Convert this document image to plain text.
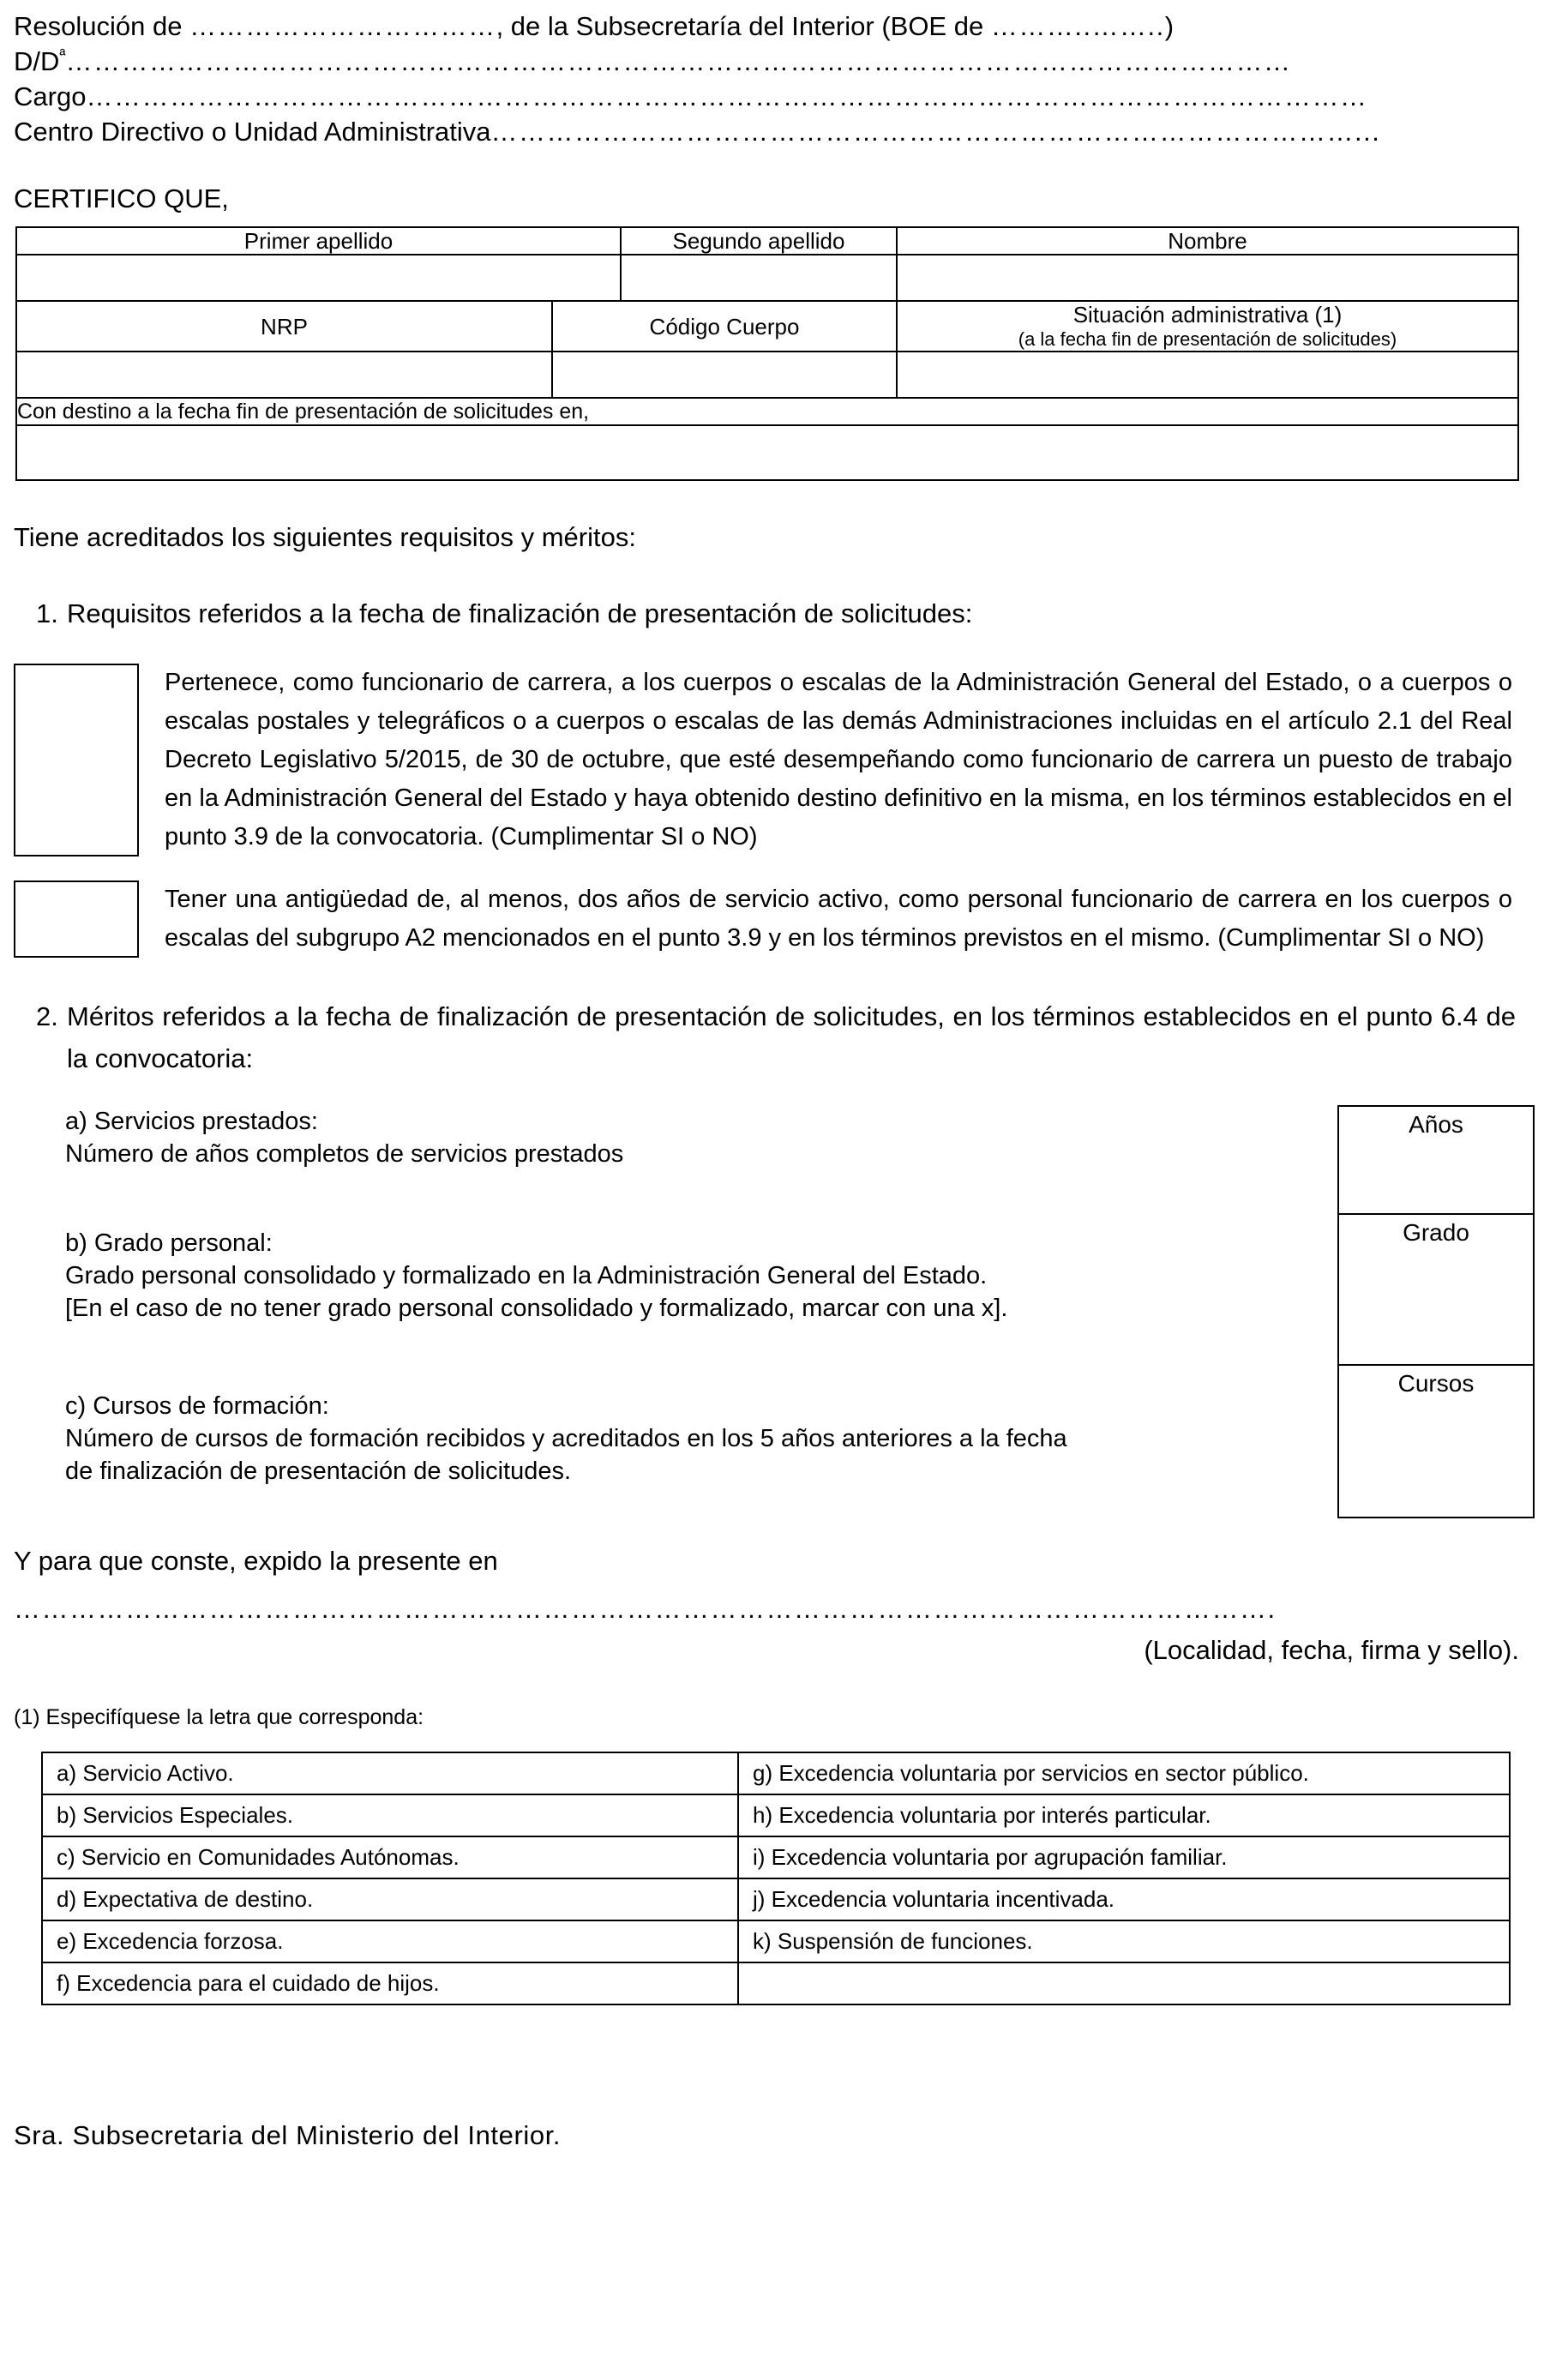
Resolución de ……………………………, de la Subsecretaría del Interior (BOE de ………..……..)
$D/D^ª\dots\dots\dots\dots\dots\dots\dots\dots\dots\dots\dots\dots\dots\dots\dots\dots\dots\dots\dots\dots\dots\dots\dots\dots\dots\dots\dots\dots\dots\dots\dots\dots\dots\dots\dots\dots\dots\dots\dots\dots\dots\dots\dots\dots$
Cargo…………………………………………………………………………………………………………………………
Centro Directivo o Unidad Administrativa…………………………………………………………………………………...
CERTIFICO QUE,
Primer apellido		Segundo apellido	Nombre

NRP	Código Cuerpo		Situación administrativa (1)
(a la fecha fin de presentación de solicitudes)

Con destino a la fecha fin de presentación de solicitudes en,			

Tiene acreditados los siguientes requisitos y méritos:
1. Requisitos referidos a la fecha de finalización de presentación de solicitudes:
Pertenece, como funcionario de carrera, a los cuerpos o escalas de la Administración General del Estado, o a cuerpos o escalas postales y telegráficos o a cuerpos o escalas de las demás Administraciones incluidas en el artículo 2.1 del Real Decreto Legislativo 5/2015, de 30 de octubre, que esté desempeñando como funcionario de carrera un puesto de trabajo en la Administración General del Estado y haya obtenido destino definitivo en la misma, en los términos establecidos en el punto 3.9 de la convocatoria. (Cumplimentar SI o NO)
Tener una antigüedad de, al menos, dos años de servicio activo, como personal funcionario de carrera en los cuerpos o escalas del subgrupo A2 mencionados en el punto 3.9 y en los términos previstos en el mismo. (Cumplimentar SI o NO)
2. Méritos referidos a la fecha de finalización de presentación de solicitudes, en los términos establecidos en el punto 6.4 de la convocatoria:
a) Servicios prestados:
Número de años completos de servicios prestados
b) Grado personal:
Grado personal consolidado y formalizado en la Administración General del Estado.
[En el caso de no tener grado personal consolidado y formalizado, marcar con una x].
c) Cursos de formación:
Número de cursos de formación recibidos y acreditados en los 5 años anteriores a la fecha
de finalización de presentación de solicitudes.
Años
Grado
Cursos
Y para que conste, expido la presente en
……………………………………………………………………………………………………………………….
(Localidad, fecha, firma y sello).
(1) Especifíquese la letra que corresponda:
a) Servicio Activo.	g) Excedencia voluntaria por servicios en sector público.
b) Servicios Especiales.	h) Excedencia voluntaria por interés particular.
c) Servicio en Comunidades Autónomas.	i) Excedencia voluntaria por agrupación familiar.
d) Expectativa de destino.	j) Excedencia voluntaria incentivada.
e) Excedencia forzosa.	k) Suspensión de funciones.
f) Excedencia para el cuidado de hijos.	
Sra. Subsecretaria del Ministerio del Interior.
